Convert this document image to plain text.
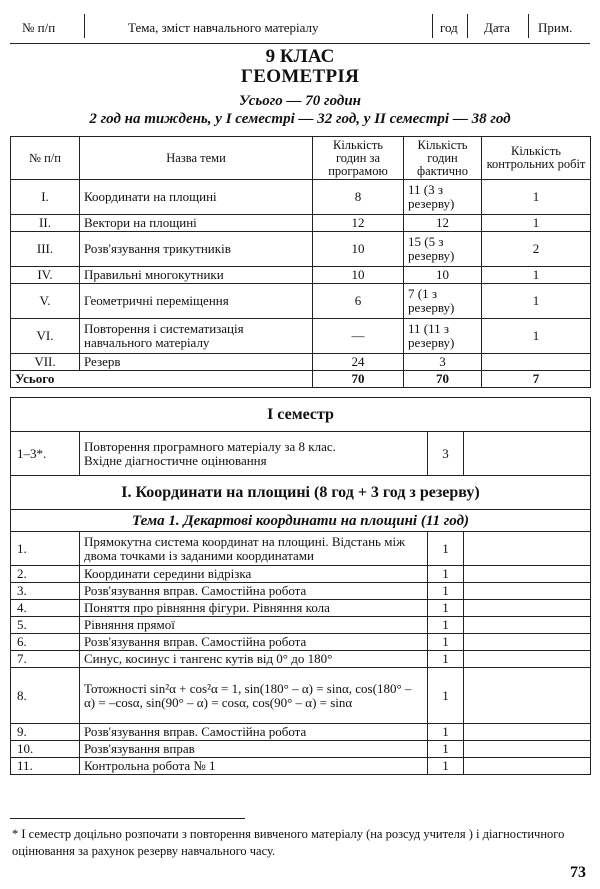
№ п/п	Тема, зміст навчального матеріалу	год Дата Прим.
9 КЛАС
ГЕОМЕТРІЯ
Усього — 70 годин
2 год на тиждень, у І семестрі — 32 год, у ІІ семестрі — 38 год
№ п/п	Назва теми	Кількість годин за програмою	Кількість годин фактично	Кількість контрольних робіт
І.	Координати на площині	8	11 (3 з резерву)	1
ІІ.	Вектори на площині	12	12	1
ІІІ.	Розв'язування трикутників	10	15 (5 з резерву)	2
IV.	Правильні многокутники	10	10	1
V.	Геометричні переміщення	6	7 (1 з резерву)	1
VI.	Повторення і систематизація навчального матеріалу	—	11 (11 з резерву)	1
VII.	Резерв	24	3	
Усього		70	70	7
І семестр			
1–3*.	Повторення програмного матеріалу за 8 клас.
Вхідне діагностичне оцінювання	3	
І. Координати на площині (8 год + 3 год з резерву)			
Тема 1. Декартові координати на площині (11 год)			
1.	Прямокутна система координат на площині. Відстань між двома точками із заданими координатами	1	
2.	Координати середини відрізка	1	
3.	Розв'язування вправ. Самостійна робота	1	
4.	Поняття про рівняння фігури. Рівняння кола	1	
5.	Рівняння прямої	1	
6.	Розв'язування вправ. Самостійна робота	1	
7.	Синус, косинус і тангенс кутів від 0° до 180°	1	
8.	Тотожності sin²α + cos²α = 1, sin(180° – α) = sinα, cos(180° – α) = –cosα, sin(90° – α) = cosα, cos(90° – α) = sinα	1	
9.	Розв'язування вправ. Самостійна робота	1	
10.	Розв'язування вправ	1	
11.	Контрольна робота № 1	1	
* І семестр доцільно розпочати з повторення вивченого матеріалу (на розсуд учителя ) і діагностичного оцінювання за рахунок резерву навчального часу.
73
